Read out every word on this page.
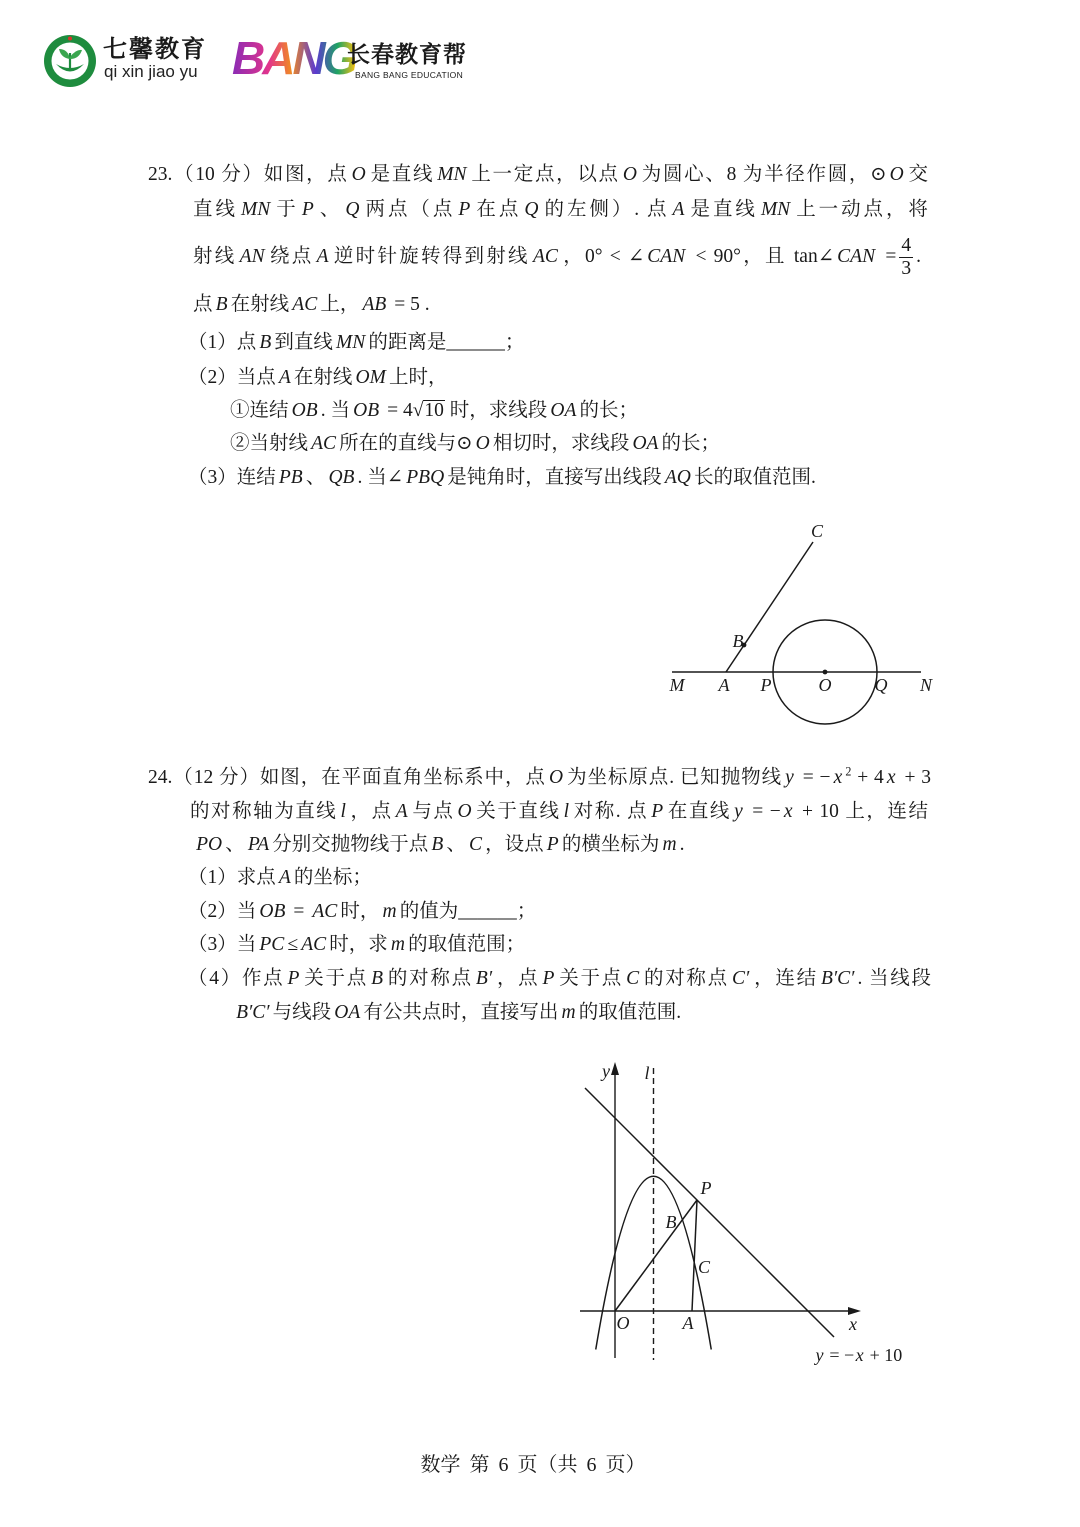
七馨教育
qi xin jiao yu BANG
长春教育帮
BANG BANG EDUCATION
23.（10 分）如图，点 O 是直线 MN 上一定点，以点 O 为圆心、8 为半径作圆，⊙ O 交
直线 MN 于 P 、 Q 两点（点 P 在点 Q 的左侧）. 点 A 是直线 MN 上一动点，将
射线 AN 绕点 A 逆时针旋转得到射线 AC ，0° < ∠ CAN < 90°，且 tan∠ CAN = $\frac{4}{3}$ .
点 B 在射线 AC 上， AB = 5 .
（1）点 B 到直线 MN 的距离是______；
（2）当点 A 在射线 OM 上时，
①连结 OB . 当 OB = 4√10 时，求线段 OA 的长；
②当射线 AC 所在的直线与⊙ O 相切时，求线段 OA 的长；
（3）连结 PB 、 QB . 当∠ PBQ 是钝角时，直接写出线段 AQ 长的取值范围.
C
B
M A P	O Q N
24.（12 分）如图，在平面直角坐标系中，点 O 为坐标原点. 已知抛物线 y = − x $^2$ + 4 x + 3
的对称轴为直线 l ，点 A 与点 O 关于直线 l 对称. 点 P 在直线 y = − x + 10 上，连结
PO 、 PA 分别交抛物线于点 B 、 C ，设点 P 的横坐标为 m .
（1）求点 A 的坐标；
（2）当 OB = AC 时， m 的值为______；
（3）当 PC ≤ AC 时，求 m 的取值范围；
（4）作点 P 关于点 B 的对称点 B′ ，点 P 关于点 C 的对称点 C′ ，连结 B′C′ . 当线段
B′C′ 与线段 OA 有公共点时，直接写出 m 的取值范围.
y l
P
B
C
O	A	x
y = −x + 10
数学 第 6 页（共 6 页）
